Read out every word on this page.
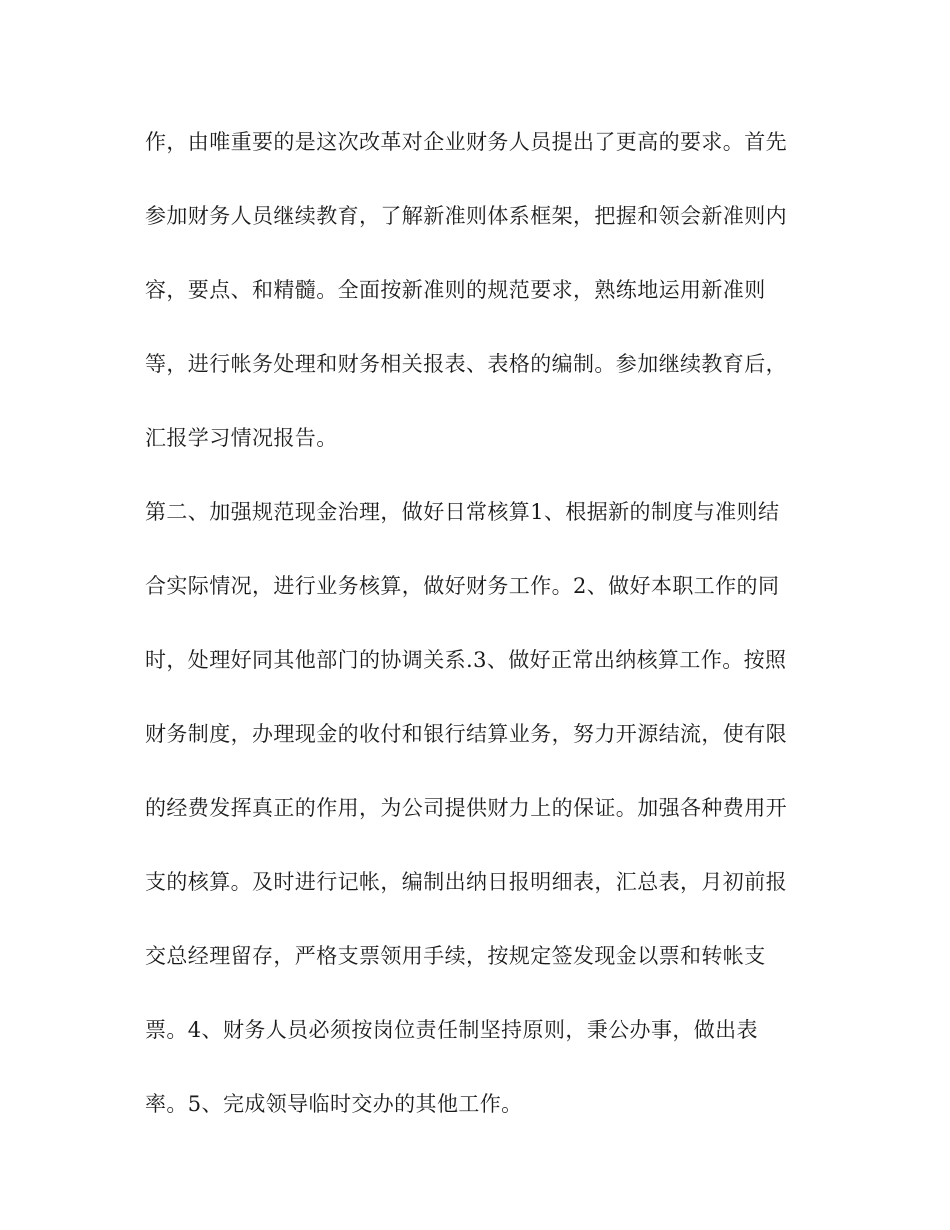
作，由唯重要的是这次改革对企业财务人员提出了更高的要求。首先
参加财务人员继续教育，了解新准则体系框架，把握和领会新准则内
容，要点、和精髓。全面按新准则的规范要求，熟练地运用新准则
等，进行帐务处理和财务相关报表、表格的编制。参加继续教育后，
汇报学习情况报告。
第二、加强规范现金治理，做好日常核算1、根据新的制度与准则结
合实际情况，进行业务核算，做好财务工作。2、做好本职工作的同
时，处理好同其他部门的协调关系.3、做好正常出纳核算工作。按照
财务制度，办理现金的收付和银行结算业务，努力开源结流，使有限
的经费发挥真正的作用，为公司提供财力上的保证。加强各种费用开
支的核算。及时进行记帐，编制出纳日报明细表，汇总表，月初前报
交总经理留存，严格支票领用手续，按规定签发现金以票和转帐支
票。4、财务人员必须按岗位责任制坚持原则，秉公办事，做出表
率。5、完成领导临时交办的其他工作。
